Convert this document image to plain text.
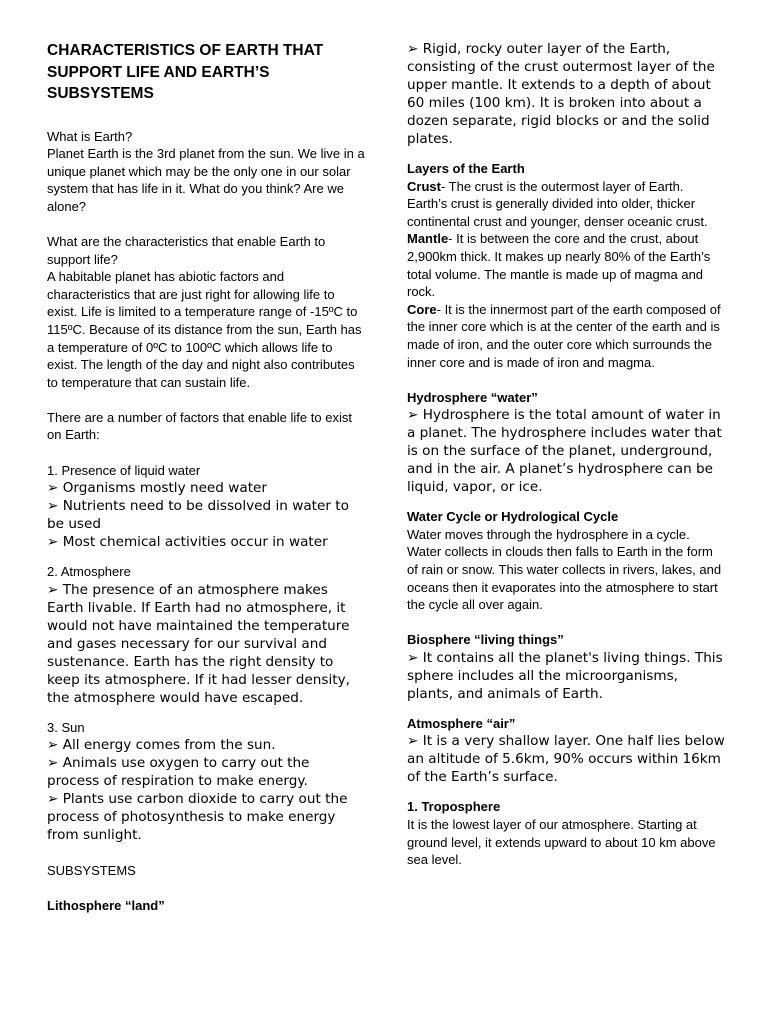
CHARACTERISTICS OF EARTH THAT SUPPORT LIFE AND EARTH’S SUBSYSTEMS

What is Earth?

Planet Earth is the 3rd planet from the sun. We live in a unique planet which may be the only one in our solar system that has life in it. What do you think? Are we alone?

What are the characteristics that enable Earth to support life?

A habitable planet has abiotic factors and characteristics that are just right for allowing life to exist. Life is limited to a temperature range of -15ºC to 115ºC. Because of its distance from the sun, Earth has a temperature of 0ºC to 100ºC which allows life to exist. The length of the day and night also contributes to temperature that can sustain life.

There are a number of factors that enable life to exist

on Earth:

1. Presence of liquid water

➢ Organisms mostly need water

➢ Nutrients need to be dissolved in water to be used

➢ Most chemical activities occur in water

2. Atmosphere

➢ The presence of an atmosphere makes Earth livable. If Earth had no atmosphere, it would not have maintained the temperature and gases necessary for our survival and sustenance. Earth has the right density to keep its atmosphere. If it had lesser density, the atmosphere would have escaped.

3. Sun

➢ All energy comes from the sun.

➢ Animals use oxygen to carry out the process of respiration to make energy.

➢ Plants use carbon dioxide to carry out the process of photosynthesis to make energy from sunlight.

SUBSYSTEMS

Lithosphere “land”

➢ Rigid, rocky outer layer of the Earth, consisting of the crust outermost layer of the upper mantle. It extends to a depth of about 60 miles (100 km). It is broken into about a dozen separate, rigid blocks or and the solid plates.

Layers of the Earth

Crust- The crust is the outermost layer of Earth. Earth’s crust is generally divided into older, thicker continental crust and younger, denser oceanic crust.

Mantle- It is between the core and the crust, about 2,900km thick. It makes up nearly 80% of the Earth’s total volume. The mantle is made up of magma and rock.

Core- It is the innermost part of the earth composed of the inner core which is at the center of the earth and is made of iron, and the outer core which surrounds the inner core and is made of iron and magma.

Hydrosphere “water”

➢ Hydrosphere is the total amount of water in a planet. The hydrosphere includes water that is on the surface of the planet, underground, and in the air. A planet’s hydrosphere can be liquid, vapor, or ice.

Water Cycle or Hydrological Cycle

Water moves through the hydrosphere in a cycle. Water collects in clouds then falls to Earth in the form of rain or snow. This water collects in rivers, lakes, and oceans then it evaporates into the atmosphere to start the cycle all over again.

Biosphere “living things”

➢ It contains all the planet's living things. This sphere includes all the microorganisms, plants, and animals of Earth.

Atmosphere “air”

➢ It is a very shallow layer. One half lies below an altitude of 5.6km, 90% occurs within 16km of the Earth’s surface.

1. Troposphere

It is the lowest layer of our atmosphere. Starting at ground level, it extends upward to about 10 km above sea level.
